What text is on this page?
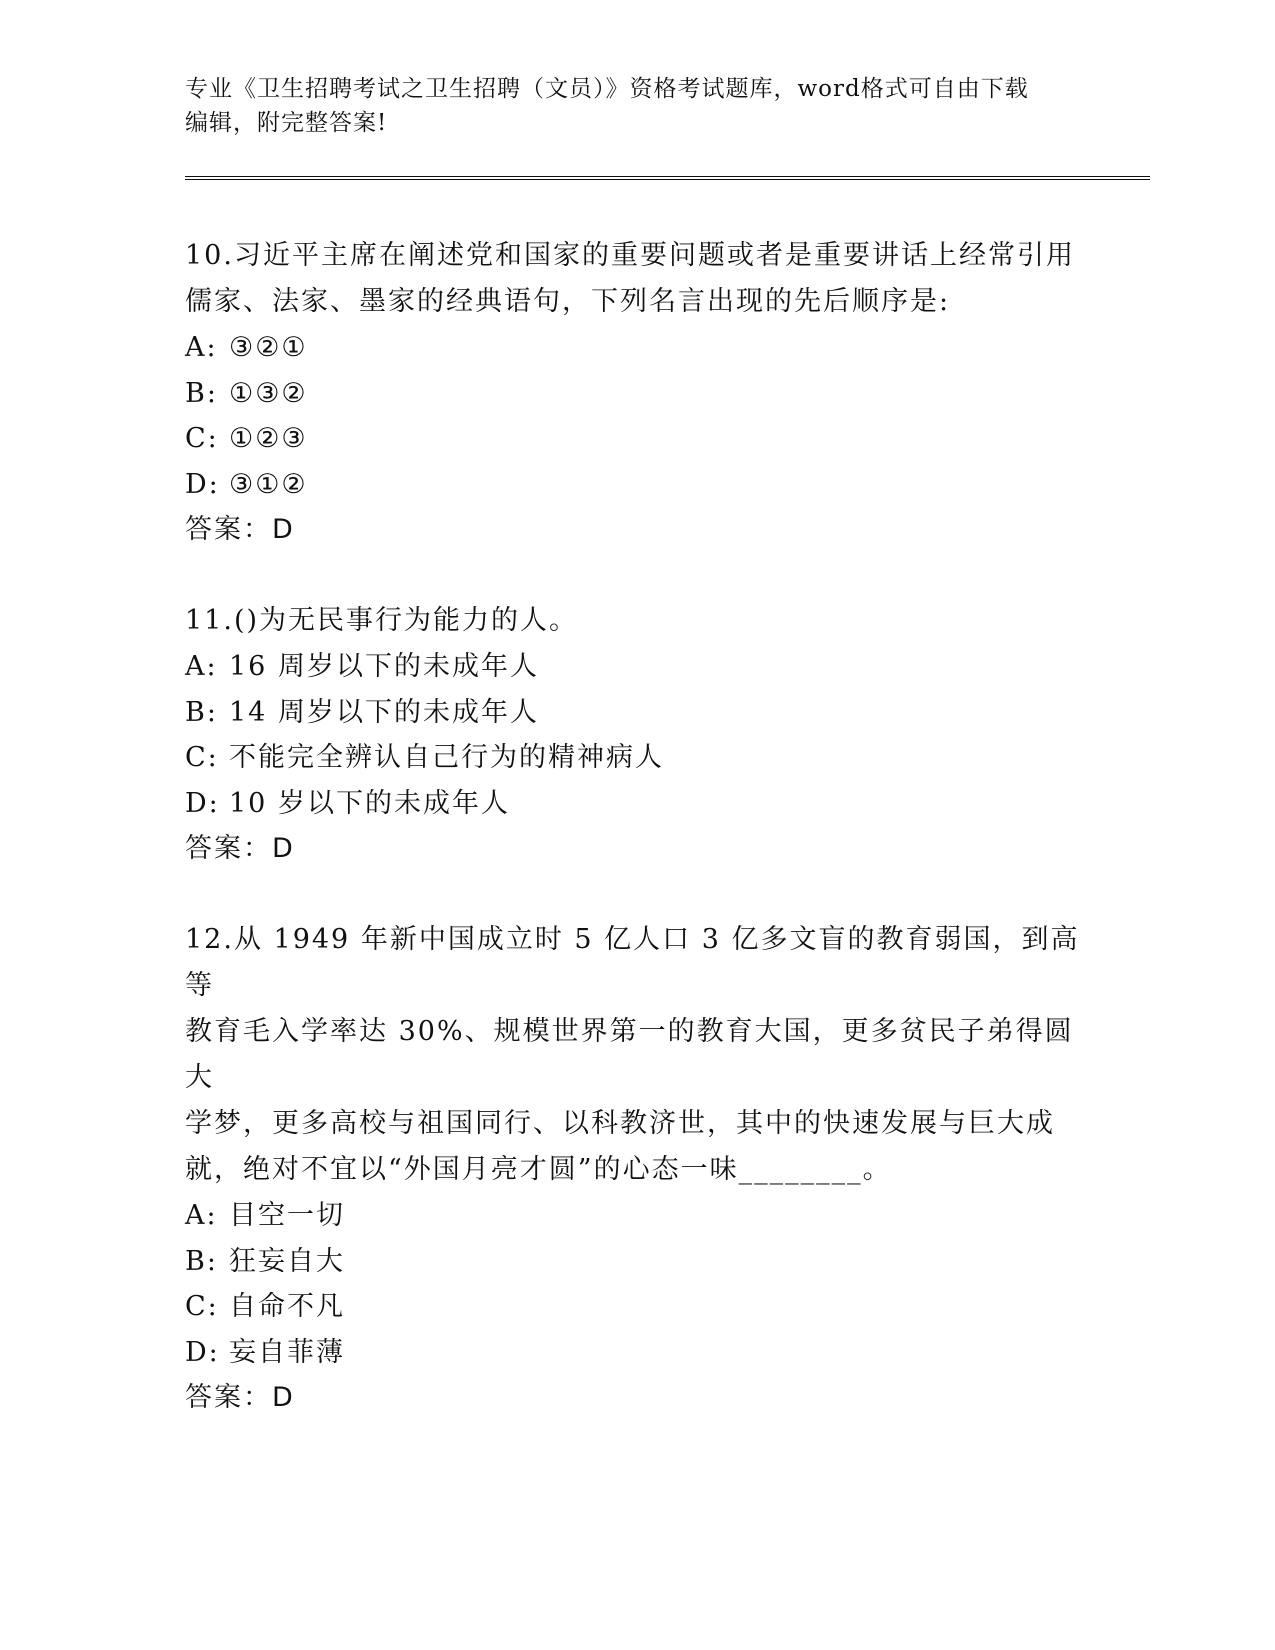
专业《卫生招聘考试之卫生招聘（文员）》资格考试题库，word格式可自由下载
编辑，附完整答案!

10.习近平主席在阐述党和国家的重要问题或者是重要讲话上经常引用

儒家、法家、墨家的经典语句，下列名言出现的先后顺序是:

A: ③②①

B: ①③②

C: ①②③

D: ③①②

答案：D

11.()为无民事行为能力的人。

A: 16 周岁以下的未成年人

B: 14 周岁以下的未成年人

C: 不能完全辨认自己行为的精神病人

D: 10 岁以下的未成年人

答案：D

12.从 1949 年新中国成立时 5 亿人口 3 亿多文盲的教育弱国，到高等

教育毛入学率达 30%、规模世界第一的教育大国，更多贫民子弟得圆大

学梦，更多高校与祖国同行、以科教济世，其中的快速发展与巨大成

就，绝对不宜以“外国月亮才圆”的心态一味________。

A: 目空一切

B: 狂妄自大

C: 自命不凡

D: 妄自菲薄

答案：D
